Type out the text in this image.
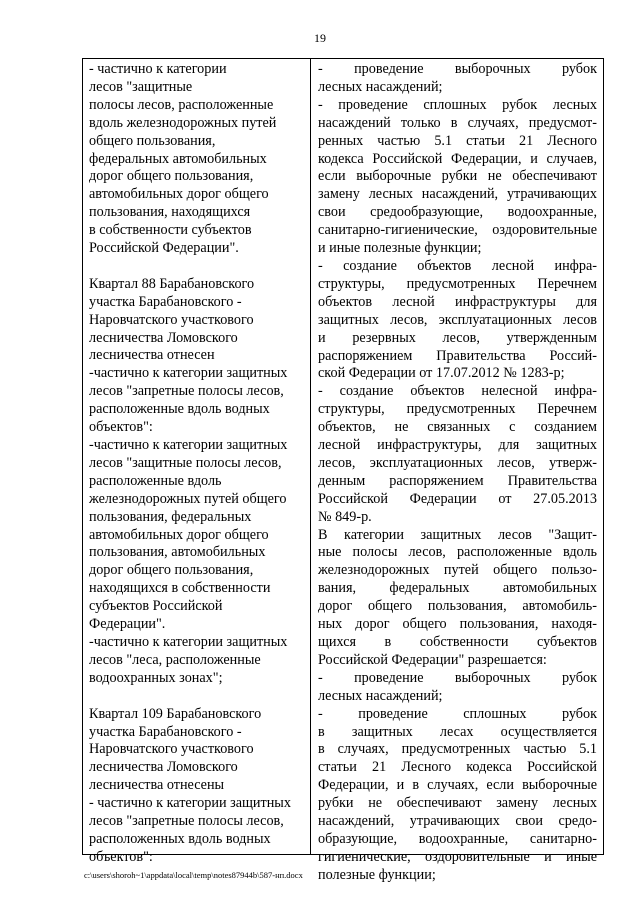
19
- частично к категории
лесов "защитные
полосы лесов, расположенные
вдоль железнодорожных путей
общего пользования,
федеральных автомобильных
дорог общего пользования,
автомобильных дорог общего
пользования, находящихся
в собственности субъектов
Российской Федерации".
Квартал 88 Барабановского
участка Барабановского -
Наровчатского участкового
лесничества Ломовского
лесничества отнесен
-частично к категории защитных
лесов "запретные полосы лесов,
расположенные вдоль водных
объектов":
-частично к категории защитных
лесов "защитные полосы лесов,
расположенные вдоль
железнодорожных путей общего
пользования, федеральных
автомобильных дорог общего
пользования, автомобильных
дорог общего пользования,
находящихся в собственности
субъектов Российской
Федерации".
-частично к категории защитных
лесов "леса, расположенные
водоохранных зонах";
Квартал 109 Барабановского
участка Барабановского -
Наровчатского участкового
лесничества Ломовского
лесничества отнесены
- частично к категории защитных
лесов "запретные полосы лесов,
расположенных вдоль водных
объектов":
- проведение выборочных рубок
лесных насаждений;
- проведение сплошных рубок лесных
насаждений только в случаях, предусмот-
ренных частью 5.1 статьи 21 Лесного
кодекса Российской Федерации, и случаев,
если выборочные рубки не обеспечивают
замену лесных насаждений, утрачивающих
свои средообразующие, водоохранные,
санитарно-гигиенические, оздоровительные
и иные полезные функции;
- создание объектов лесной инфра-
структуры, предусмотренных Перечнем
объектов лесной инфраструктуры для
защитных лесов, эксплуатационных лесов
и резервных лесов, утвержденным
распоряжением Правительства Россий-
ской Федерации от 17.07.2012 № 1283-р;
- создание объектов нелесной инфра-
структуры, предусмотренных Перечнем
объектов, не связанных с созданием
лесной инфраструктуры, для защитных
лесов, эксплуатационных лесов, утверж-
денным распоряжением Правительства
Российской Федерации от 27.05.2013
№ 849-р.
В категории защитных лесов "Защит-
ные полосы лесов, расположенные вдоль
железнодорожных путей общего пользо-
вания, федеральных автомобильных
дорог общего пользования, автомобиль-
ных дорог общего пользования, находя-
щихся в собственности субъектов
Российской Федерации" разрешается:
- проведение выборочных рубок
лесных насаждений;
- проведение сплошных рубок
в защитных лесах осуществляется
в случаях, предусмотренных частью 5.1
статьи 21 Лесного кодекса Российской
Федерации, и в случаях, если выборочные
рубки не обеспечивают замену лесных
насаждений, утрачивающих свои средо-
образующие, водоохранные, санитарно-
гигиенические, оздоровительные и иные
полезные функции;
c:\users\shoroh~1\appdata\local\temp\notes87944b\587-нп.docx
